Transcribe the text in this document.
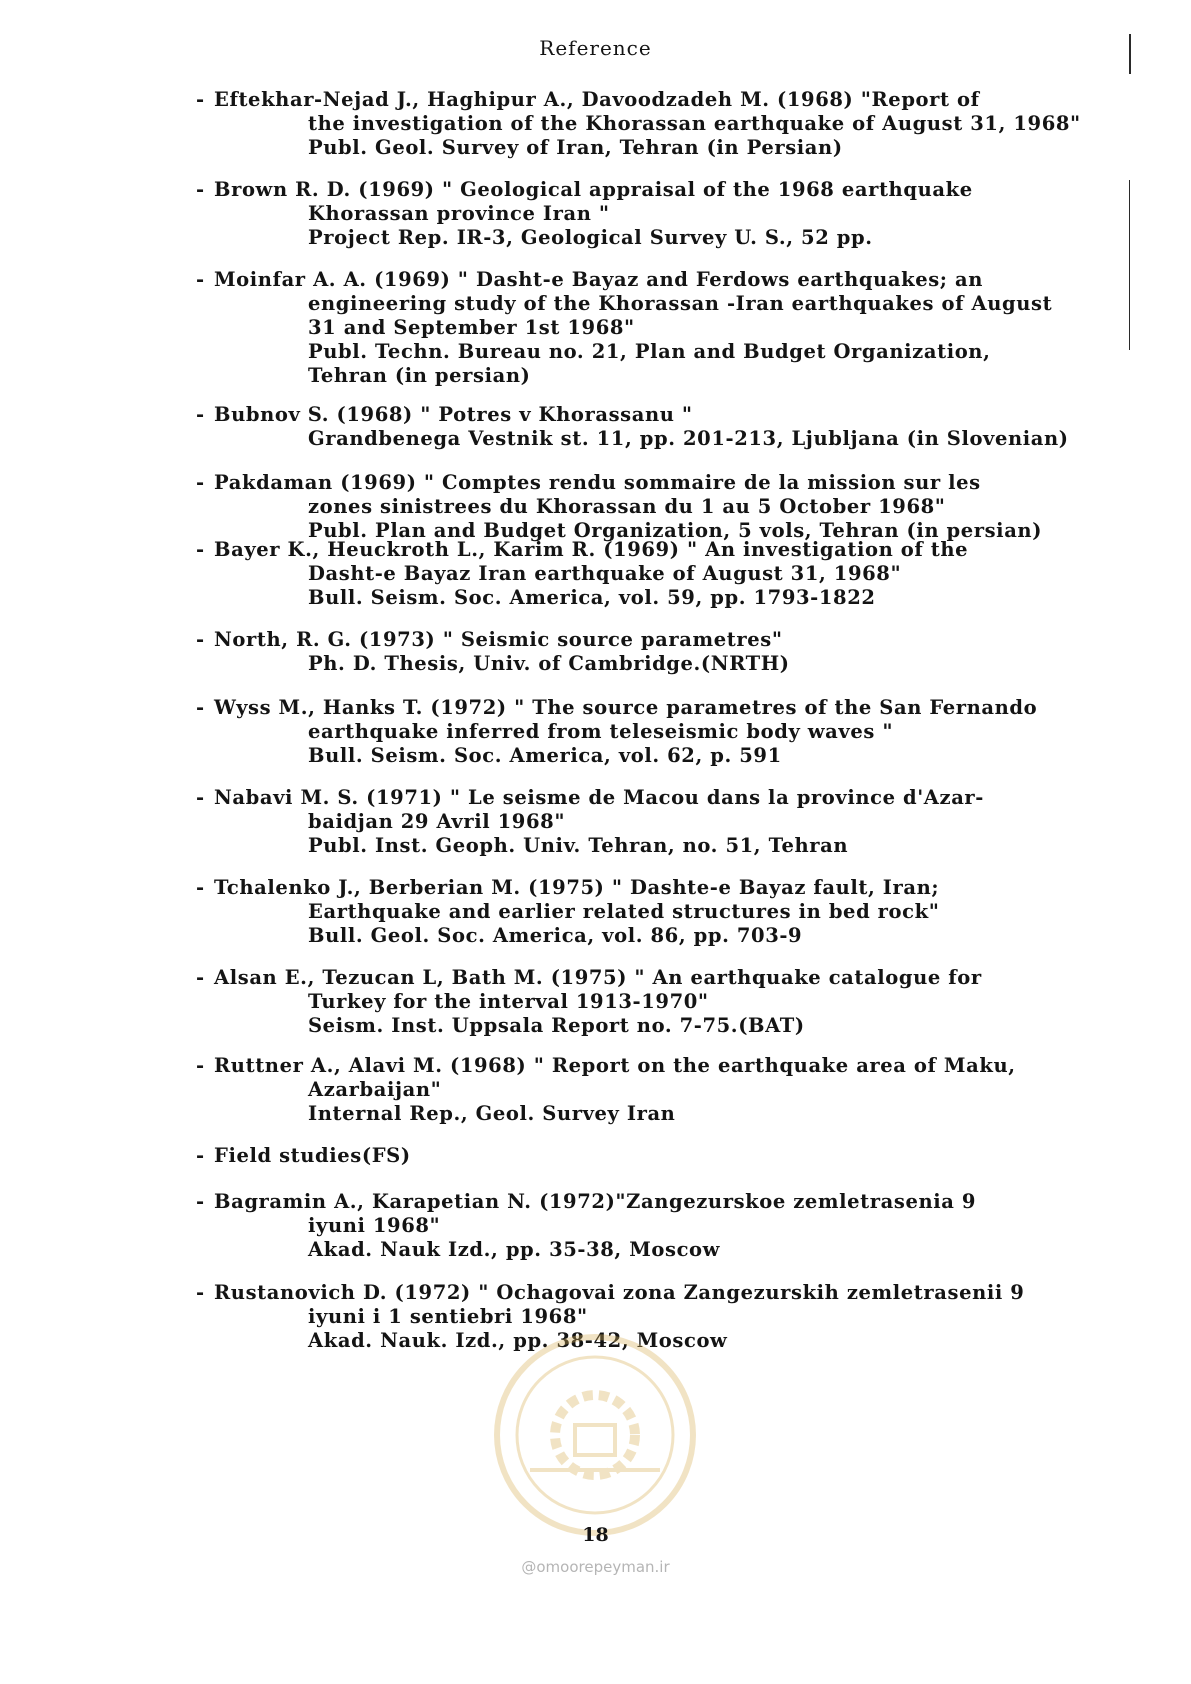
Reference
- Eftekhar-Nejad J., Haghipur A., Davoodzadeh M. (1968) "Report of
the investigation of the Khorassan earthquake of August 31, 1968"
Publ. Geol. Survey of Iran, Tehran (in Persian)
- Brown R. D. (1969) " Geological appraisal of the 1968 earthquake
Khorassan province Iran "
Project Rep. IR-3, Geological Survey U. S., 52 pp.
- Moinfar A. A. (1969) " Dasht-e Bayaz and Ferdows earthquakes; an
engineering study of the Khorassan -Iran earthquakes of August
31 and September 1st 1968"
Publ. Techn. Bureau no. 21, Plan and Budget Organization,
Tehran (in persian)
- Bubnov S. (1968) " Potres v Khorassanu "
Grandbenega Vestnik st. 11, pp. 201-213, Ljubljana (in Slovenian)
- Pakdaman (1969) " Comptes rendu sommaire de la mission sur les
zones sinistrees du Khorassan du 1 au 5 October 1968"
Publ. Plan and Budget Organization, 5 vols, Tehran (in persian)
- Bayer K., Heuckroth L., Karim R. (1969) " An investigation of the
Dasht-e Bayaz Iran earthquake of August 31, 1968"
Bull. Seism. Soc. America, vol. 59, pp. 1793-1822
- North, R. G. (1973) " Seismic source parametres"
Ph. D. Thesis, Univ. of Cambridge.(NRTH)
- Wyss M., Hanks T. (1972) " The source parametres of the San Fernando
earthquake inferred from teleseismic body waves "
Bull. Seism. Soc. America, vol. 62, p. 591
- Nabavi M. S. (1971) " Le seisme de Macou dans la province d'Azar-
baidjan 29 Avril 1968"
Publ. Inst. Geoph. Univ. Tehran, no. 51, Tehran
- Tchalenko J., Berberian M. (1975) " Dashte-e Bayaz fault, Iran;
Earthquake and earlier related structures in bed rock"
Bull. Geol. Soc. America, vol. 86, pp. 703-9
- Alsan E., Tezucan L, Bath M. (1975) " An earthquake catalogue for
Turkey for the interval 1913-1970"
Seism. Inst. Uppsala Report no. 7-75.(BAT)
- Ruttner A., Alavi M. (1968) " Report on the earthquake area of Maku,
Azarbaijan"
Internal Rep., Geol. Survey Iran
- Field studies(FS)
- Bagramin A., Karapetian N. (1972)"Zangezurskoe zemletrasenia 9
iyuni 1968"
Akad. Nauk Izd., pp. 35-38, Moscow
- Rustanovich D. (1972) " Ochagovai zona Zangezurskih zemletrasenii 9
iyuni i 1 sentiebri 1968"
Akad. Nauk. Izd., pp. 38-42, Moscow
18
@omoorepeyman.ir
